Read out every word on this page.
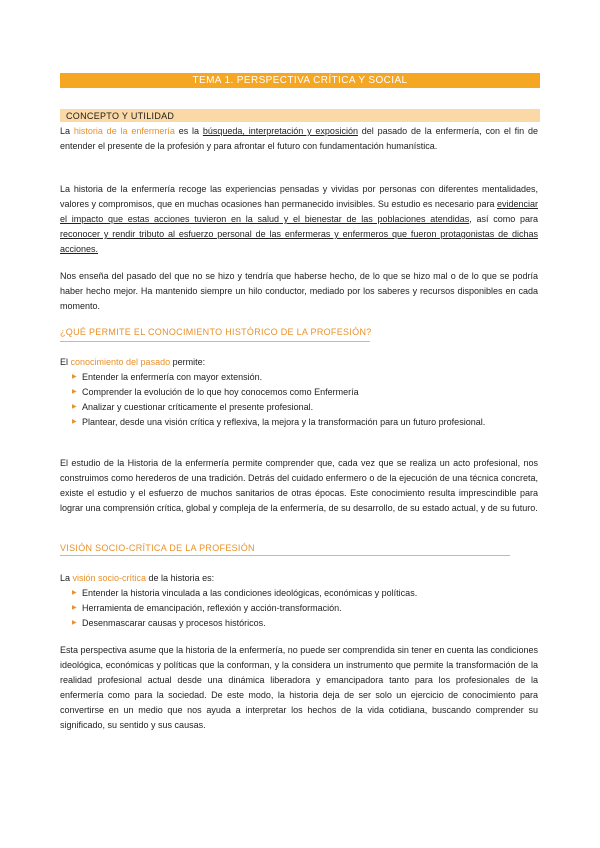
TEMA 1. PERSPECTIVA CRÍTICA Y SOCIAL
CONCEPTO Y UTILIDAD

La historia de la enfermería es la búsqueda, interpretación y exposición del pasado de la enfermería, con el fin de entender el presente de la profesión y para afrontar el futuro con fundamentación humanística.

La historia de la enfermería recoge las experiencias pensadas y vividas por personas con diferentes mentalidades, valores y compromisos, que en muchas ocasiones han permanecido invisibles. Su estudio es necesario para evidenciar el impacto que estas acciones tuvieron en la salud y el bienestar de las poblaciones atendidas, así como para reconocer y rendir tributo al esfuerzo personal de las enfermeras y enfermeros que fueron protagonistas de dichas acciones.

Nos enseña del pasado del que no se hizo y tendría que haberse hecho, de lo que se hizo mal o de lo que se podría haber hecho mejor. Ha mantenido siempre un hilo conductor, mediado por los saberes y recursos disponibles en cada momento.

¿QUÉ PERMITE EL CONOCIMIENTO HISTÓRICO DE LA PROFESIÓN?

El conocimiento del pasado permite:

▶ Entender la enfermería con mayor extensión.
▶ Comprender la evolución de lo que hoy conocemos como Enfermería
▶ Analizar y cuestionar críticamente el presente profesional.
▶ Plantear, desde una visión crítica y reflexiva, la mejora y la transformación para un futuro profesional.

El estudio de la Historia de la enfermería permite comprender que, cada vez que se realiza un acto profesional, nos construimos como herederos de una tradición. Detrás del cuidado enfermero o de la ejecución de una técnica concreta, existe el estudio y el esfuerzo de muchos sanitarios de otras épocas. Este conocimiento resulta imprescindible para lograr una comprensión crítica, global y compleja de la enfermería, de su desarrollo, de su estado actual, y de su futuro.

VISIÓN SOCIO-CRÍTICA DE LA PROFESIÓN

La visión socio-crítica de la historia es:

▶ Entender la historia vinculada a las condiciones ideológicas, económicas y políticas.
▶ Herramienta de emancipación, reflexión y acción-transformación.
▶ Desenmascarar causas y procesos históricos.

Esta perspectiva asume que la historia de la enfermería, no puede ser comprendida sin tener en cuenta las condiciones ideológica, económicas y políticas que la conforman, y la considera un instrumento que permite la transformación de la realidad profesional actual desde una dinámica liberadora y emancipadora tanto para los profesionales de la enfermería como para la sociedad. De este modo, la historia deja de ser solo un ejercicio de conocimiento para convertirse en un medio que nos ayuda a interpretar los hechos de la vida cotidiana, buscando comprender su significado, su sentido y sus causas.
